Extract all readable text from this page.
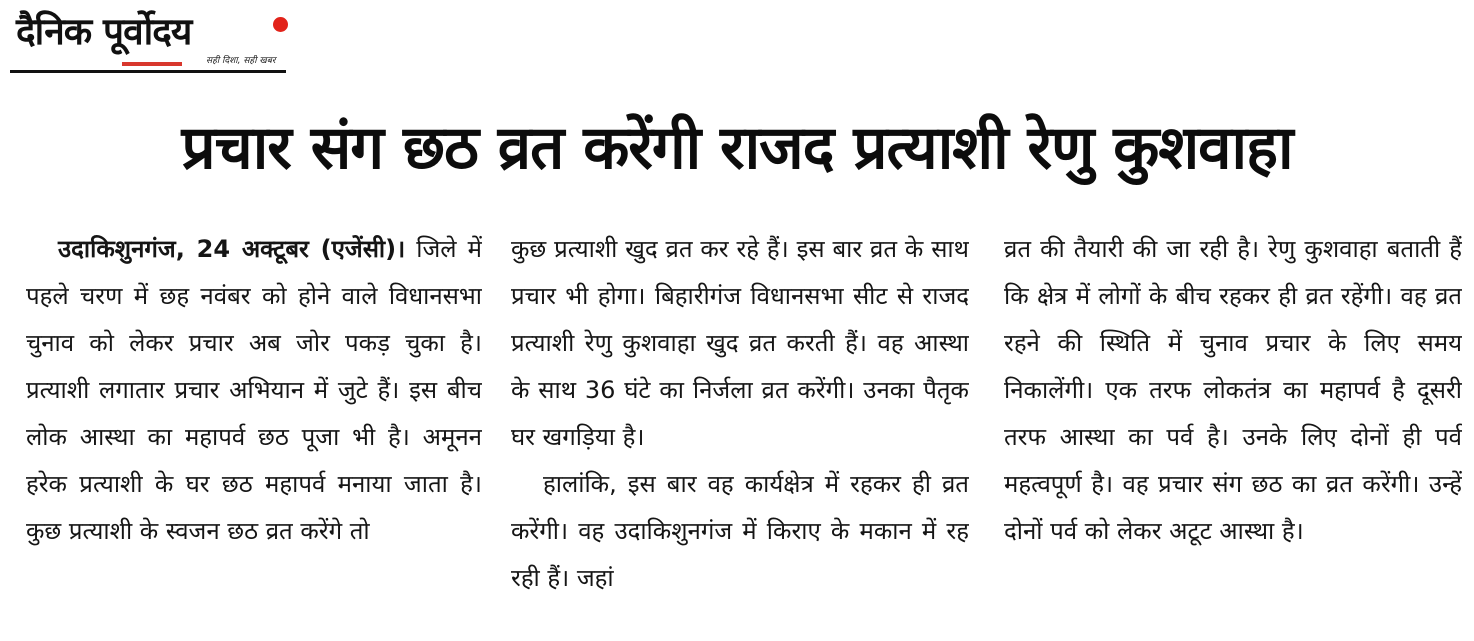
दैनिक पूर्वोदय
सही दिशा, सही खबर
प्रचार संग छठ व्रत करेंगी राजद प्रत्याशी रेणु कुशवाहा

उदाकिशुनगंज, 24 अक्टूबर (एजेंसी)। जिले में पहले चरण में छह नवंबर को होने वाले विधानसभा चुनाव को लेकर प्रचार अब जोर पकड़ चुका है। प्रत्याशी लगातार प्रचार अभियान में जुटे हैं। इस बीच लोक आस्था का महापर्व छठ पूजा भी है। अमूनन हरेक प्रत्याशी के घर छठ महापर्व मनाया जाता है। कुछ प्रत्याशी के स्वजन छठ व्रत करेंगे तो

कुछ प्रत्याशी खुद व्रत कर रहे हैं। इस बार व्रत के साथ प्रचार भी होगा। बिहारीगंज विधानसभा सीट से राजद प्रत्याशी रेणु कुशवाहा खुद व्रत करती हैं। वह आस्था के साथ 36 घंटे का निर्जला व्रत करेंगी। उनका पैतृक घर खगड़िया है।

हालांकि, इस बार वह कार्यक्षेत्र में रहकर ही व्रत करेंगी। वह उदाकिशुनगंज में किराए के मकान में रह रही हैं। जहां

व्रत की तैयारी की जा रही है। रेणु कुशवाहा बताती हैं कि क्षेत्र में लोगों के बीच रहकर ही व्रत रहेंगी। वह व्रत रहने की स्थिति में चुनाव प्रचार के लिए समय निकालेंगी। एक तरफ लोकतंत्र का महापर्व है दूसरी तरफ आस्था का पर्व है। उनके लिए दोनों ही पर्व महत्वपूर्ण है। वह प्रचार संग छठ का व्रत करेंगी। उन्हें दोनों पर्व को लेकर अटूट आस्था है।
